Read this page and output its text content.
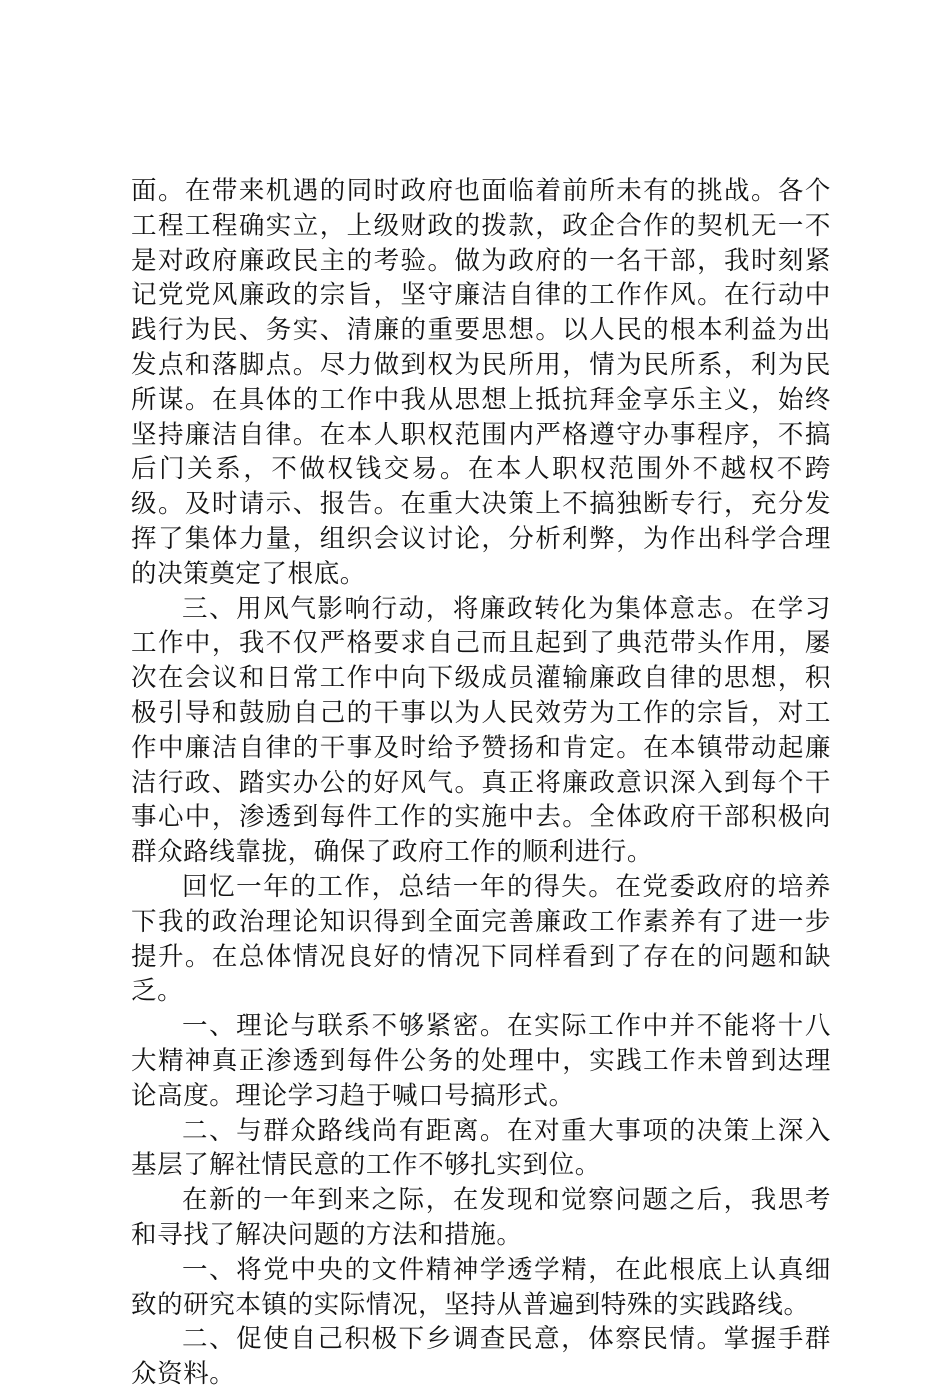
面。在带来机遇的同时政府也面临着前所未有的挑战。各个工程工程确实立，上级财政的拨款，政企合作的契机无一不是对政府廉政民主的考验。做为政府的一名干部，我时刻紧记党党风廉政的宗旨，坚守廉洁自律的工作作风。在行动中践行为民、务实、清廉的重要思想。以人民的根本利益为出发点和落脚点。尽力做到权为民所用，情为民所系，利为民所谋。在具体的工作中我从思想上抵抗拜金享乐主义，始终坚持廉洁自律。在本人职权范围内严格遵守办事程序，不搞后门关系，不做权钱交易。在本人职权范围外不越权不跨级。及时请示、报告。在重大决策上不搞独断专行，充分发挥了集体力量，组织会议讨论，分析利弊，为作出科学合理的决策奠定了根底。

三、用风气影响行动，将廉政转化为集体意志。在学习工作中，我不仅严格要求自己而且起到了典范带头作用，屡次在会议和日常工作中向下级成员灌输廉政自律的思想，积极引导和鼓励自己的干事以为人民效劳为工作的宗旨，对工作中廉洁自律的干事及时给予赞扬和肯定。在本镇带动起廉洁行政、踏实办公的好风气。真正将廉政意识深入到每个干事心中，渗透到每件工作的实施中去。全体政府干部积极向群众路线靠拢，确保了政府工作的顺利进行。

回忆一年的工作，总结一年的得失。在党委政府的培养下我的政治理论知识得到全面完善廉政工作素养有了进一步提升。在总体情况良好的情况下同样看到了存在的问题和缺乏。

一、理论与联系不够紧密。在实际工作中并不能将十八大精神真正渗透到每件公务的处理中，实践工作未曾到达理论高度。理论学习趋于喊口号搞形式。

二、与群众路线尚有距离。在对重大事项的决策上深入基层了解社情民意的工作不够扎实到位。

在新的一年到来之际，在发现和觉察问题之后，我思考和寻找了解决问题的方法和措施。

一、将党中央的文件精神学透学精，在此根底上认真细致的研究本镇的实际情况，坚持从普遍到特殊的实践路线。

二、促使自己积极下乡调查民意，体察民情。掌握手群众资料。
